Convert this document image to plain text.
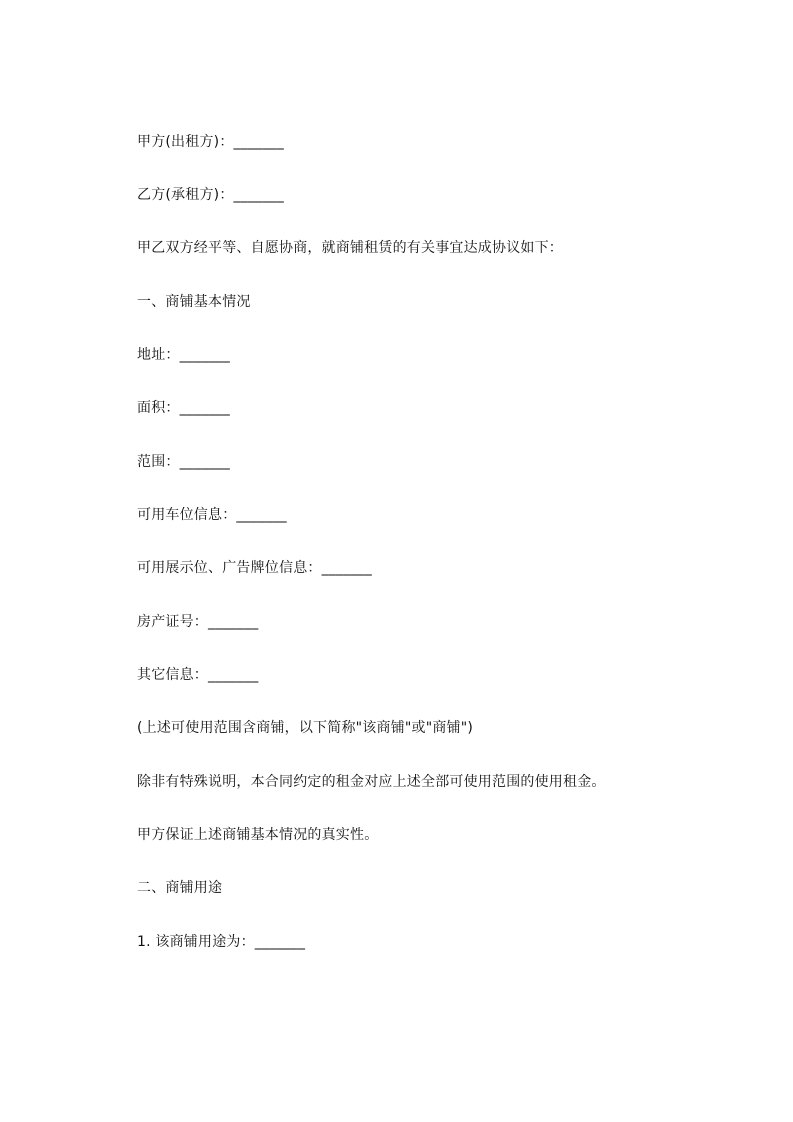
甲方(出租方)：_______
乙方(承租方)：_______
甲乙双方经平等、自愿协商，就商铺租赁的有关事宜达成协议如下：
一、商铺基本情况
地址：_______
面积：_______
范围：_______
可用车位信息：_______
可用展示位、广告牌位信息：_______
房产证号：_______
其它信息：_______
(上述可使用范围含商铺，以下简称"该商铺"或"商铺")
除非有特殊说明，本合同约定的租金对应上述全部可使用范围的使用租金。
甲方保证上述商铺基本情况的真实性。
二、商铺用途
1. 该商铺用途为：_______
